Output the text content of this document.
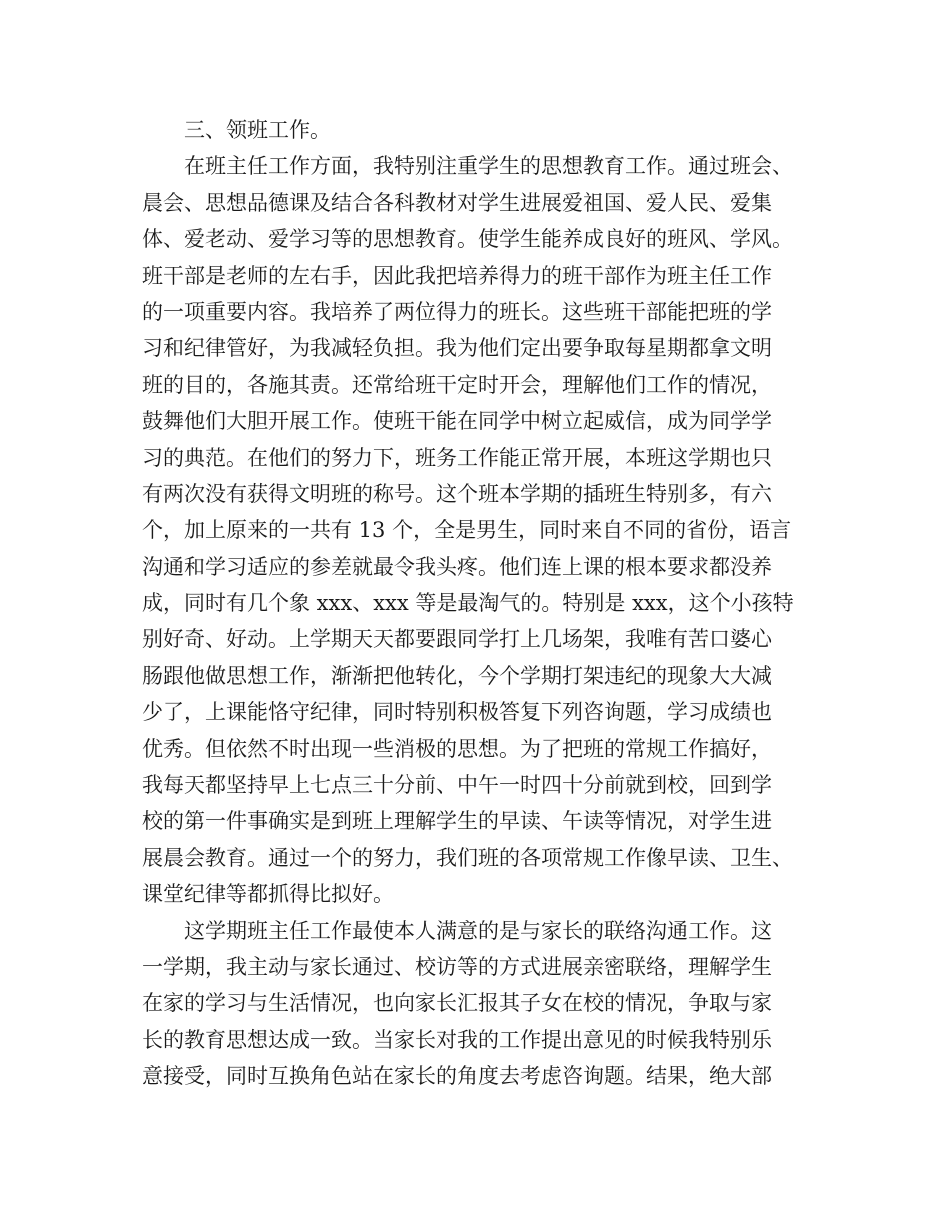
三、领班工作。
在班主任工作方面，我特别注重学生的思想教育工作。通过班会、
晨会、思想品德课及结合各科教材对学生进展爱祖国、爱人民、爱集
体、爱老动、爱学习等的思想教育。使学生能养成良好的班风、学风。
班干部是老师的左右手，因此我把培养得力的班干部作为班主任工作
的一项重要内容。我培养了两位得力的班长。这些班干部能把班的学
习和纪律管好，为我减轻负担。我为他们定出要争取每星期都拿文明
班的目的，各施其责。还常给班干定时开会，理解他们工作的情况，
鼓舞他们大胆开展工作。使班干能在同学中树立起威信，成为同学学
习的典范。在他们的努力下，班务工作能正常开展，本班这学期也只
有两次没有获得文明班的称号。这个班本学期的插班生特别多，有六
个，加上原来的一共有 13 个，全是男生，同时来自不同的省份，语言
沟通和学习适应的参差就最令我头疼。他们连上课的根本要求都没养
成，同时有几个象 xxx、xxx 等是最淘气的。特别是 xxx，这个小孩特
别好奇、好动。上学期天天都要跟同学打上几场架，我唯有苦口婆心
肠跟他做思想工作，渐渐把他转化，今个学期打架违纪的现象大大减
少了，上课能恪守纪律，同时特别积极答复下列咨询题，学习成绩也
优秀。但依然不时出现一些消极的思想。为了把班的常规工作搞好，
我每天都坚持早上七点三十分前、中午一时四十分前就到校，回到学
校的第一件事确实是到班上理解学生的早读、午读等情况，对学生进
展晨会教育。通过一个的努力，我们班的各项常规工作像早读、卫生、
课堂纪律等都抓得比拟好。
这学期班主任工作最使本人满意的是与家长的联络沟通工作。这
一学期，我主动与家长通过、校访等的方式进展亲密联络，理解学生
在家的学习与生活情况，也向家长汇报其子女在校的情况，争取与家
长的教育思想达成一致。当家长对我的工作提出意见的时候我特别乐
意接受，同时互换角色站在家长的角度去考虑咨询题。结果，绝大部
